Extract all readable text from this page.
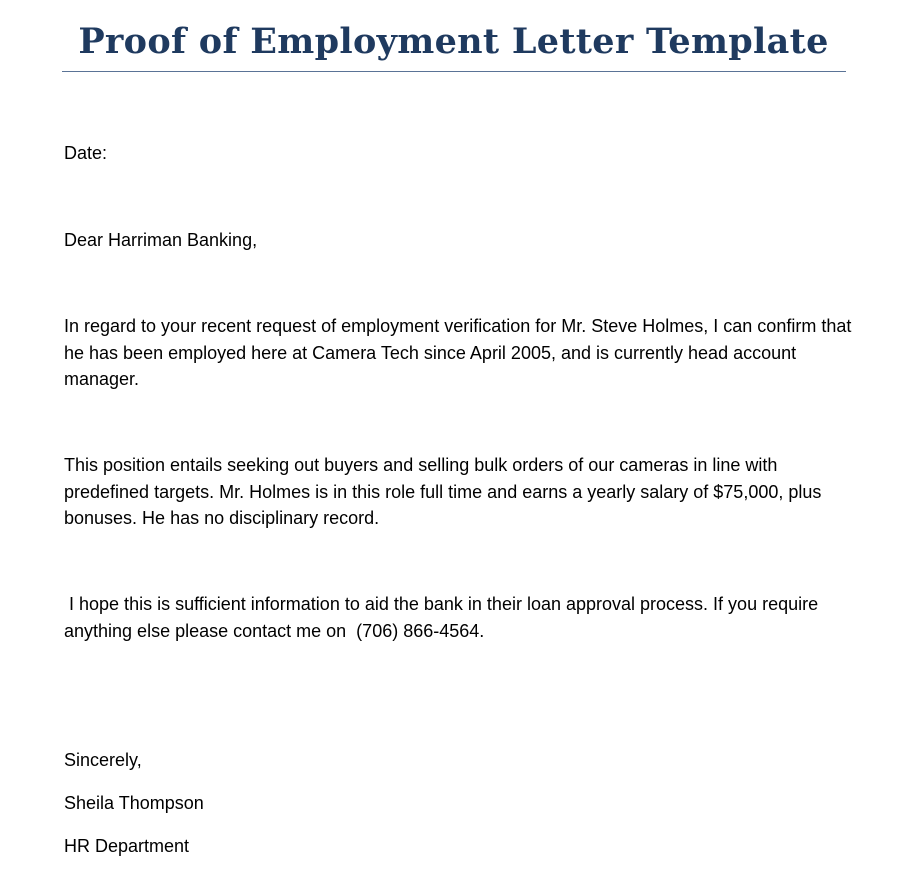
Proof of Employment Letter Template

Date:

Dear Harriman Banking,

In regard to your recent request of employment verification for Mr. Steve Holmes, I can confirm that he has been employed here at Camera Tech since April 2005, and is currently head account manager.

This position entails seeking out buyers and selling bulk orders of our cameras in line with predefined targets. Mr. Holmes is in this role full time and earns a yearly salary of $75,000, plus bonuses. He has no disciplinary record.

I hope this is sufficient information to aid the bank in their loan approval process. If you require anything else please contact me on  (706) 866-4564.

Sincerely,

Sheila Thompson

HR Department
